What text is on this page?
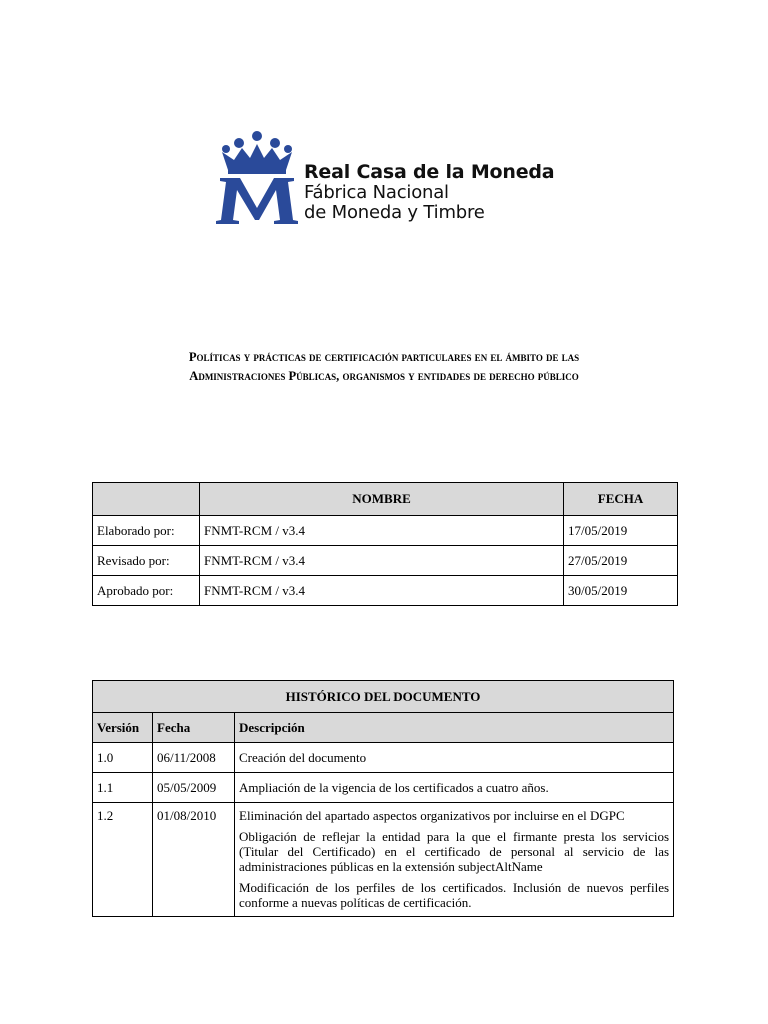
Real Casa de la Moneda
Fábrica Nacional
de Moneda y Timbre
Políticas y prácticas de certificación particulares en el ámbito de las
Administraciones Públicas, organismos y entidades de derecho público
	NOMBRE	FECHA
Elaborado por:	FNMT-RCM / v3.4	17/05/2019
Revisado por:	FNMT-RCM / v3.4	27/05/2019
Aprobado por:	FNMT-RCM / v3.4	30/05/2019
HISTÓRICO DEL DOCUMENTO		
Versión	Fecha	Descripción
1.0	06/11/2008	Creación del documento
1.1	05/05/2009	Ampliación de la vigencia de los certificados a cuatro años.
1.2	01/08/2010	Eliminación del apartado aspectos organizativos por incluirse en el DGPC

Obligación de reflejar la entidad para la que el firmante presta los servicios (Titular del Certificado) en el certificado de personal al servicio de las administraciones públicas en la extensión subjectAltName

Modificación de los perfiles de los certificados. Inclusión de nuevos perfiles conforme a nuevas políticas de certificación.
